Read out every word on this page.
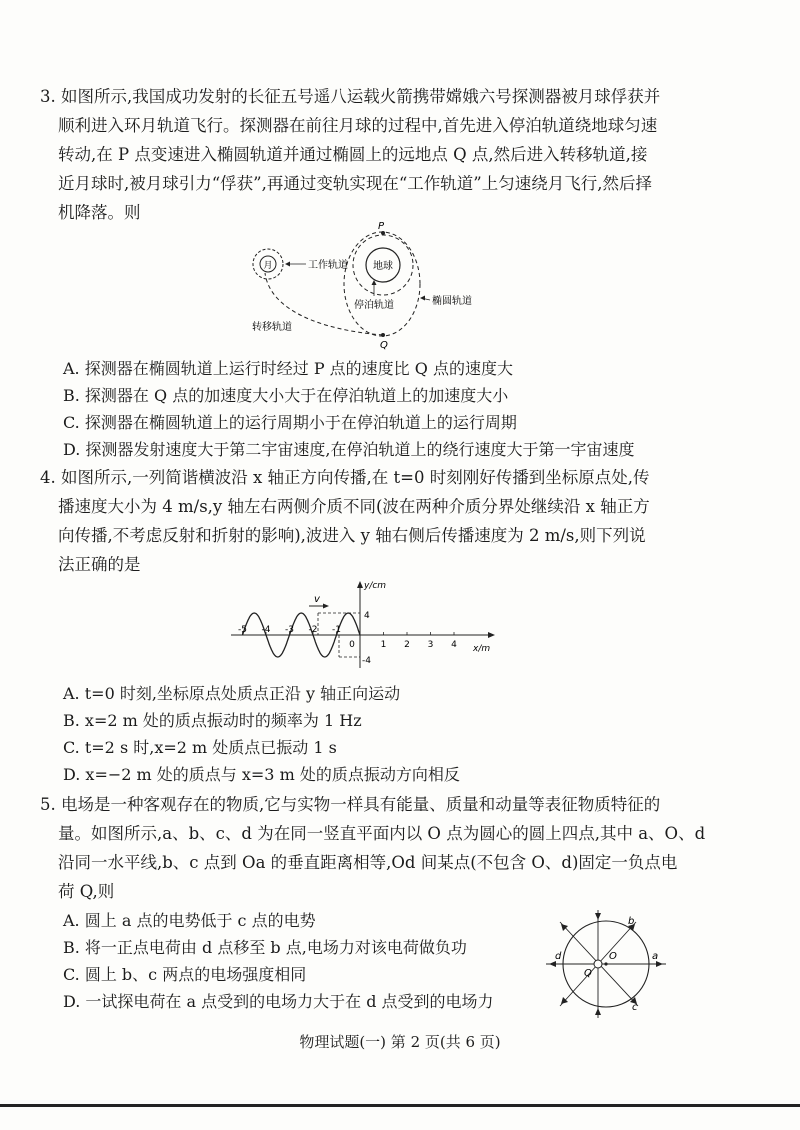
3. 如图所示,我国成功发射的长征五号遥八运载火箭携带嫦娥六号探测器被月球俘获并
顺利进入环月轨道飞行。探测器在前往月球的过程中,首先进入停泊轨道绕地球匀速
转动,在 P 点变速进入椭圆轨道并通过椭圆上的远地点 Q 点,然后进入转移轨道,接
近月球时,被月球引力“俘获”,再通过变轨实现在“工作轨道”上匀速绕月飞行,然后择
机降落。则
地球
P
Q
月	工作轨道
停泊轨道	椭圆轨道
转移轨道
A. 探测器在椭圆轨道上运行时经过 P 点的速度比 Q 点的速度大
B. 探测器在 Q 点的加速度大小大于在停泊轨道上的加速度大小
C. 探测器在椭圆轨道上的运行周期小于在停泊轨道上的运行周期
D. 探测器发射速度大于第二宇宙速度,在停泊轨道上的绕行速度大于第一宇宙速度
4. 如图所示,一列简谐横波沿 x 轴正方向传播,在 t=0 时刻刚好传播到坐标原点处,传
播速度大小为 4 m/s,y 轴左右两侧介质不同(波在两种介质分界处继续沿 x 轴正方
向传播,不考虑反射和折射的影响),波进入 y 轴右侧后传播速度为 2 m/s,则下列说
法正确的是
y/cm
x/m
4
-4
v
-5 -4 -3 -2 -1
0	1 2 3 4
A. t=0 时刻,坐标原点处质点正沿 y 轴正向运动
B. x=2 m 处的质点振动时的频率为 1 Hz
C. t=2 s 时,x=2 m 处质点已振动 1 s
D. x=−2 m 处的质点与 x=3 m 处的质点振动方向相反
5. 电场是一种客观存在的物质,它与实物一样具有能量、质量和动量等表征物质特征的
量。如图所示,a、b、c、d 为在同一竖直平面内以 O 点为圆心的圆上四点,其中 a、O、d
沿同一水平线,b、c 点到 Oa 的垂直距离相等,Od 间某点(不包含 O、d)固定一负点电
荷 Q,则
A. 圆上 a 点的电势低于 c 点的电势
B. 将一正点电荷由 d 点移至 b 点,电场力对该电荷做负功
C. 圆上 b、c 两点的电场强度相同
D. 一试探电荷在 a 点受到的电场力大于在 d 点受到的电场力
a
b
c
d	O
Q
物理试题(一) 第 2 页(共 6 页)
